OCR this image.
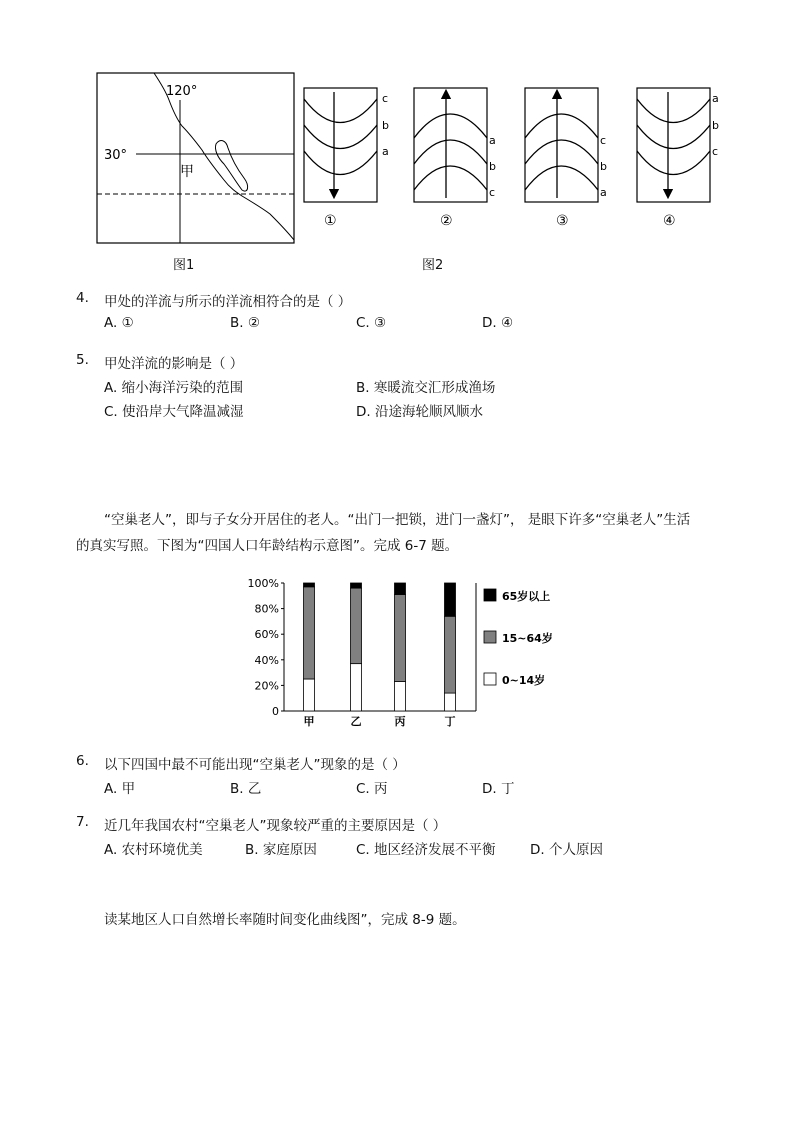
120°
30°
甲
图1
c
b
a
①
a
b
c
②
c
b
a
③
a
b
c
④
图2
4. 甲处的洋流与所示的洋流相符合的是（ ）
A. ①	B. ②	C. ③	D. ④
5. 甲处洋流的影响是（ ）
A. 缩小海洋污染的范围	B. 寒暖流交汇形成渔场
C. 使沿岸大气降温减湿	D. 沿途海轮顺风顺水
“空巢老人”，即与子女分开居住的老人。“出门一把锁，进门一盏灯”， 是眼下许多“空巢老人”生活
的真实写照。下图为“四国人口年龄结构示意图”。完成 6-7 题。
0
20%
40%
60%
80%
100%
甲	乙	丙	丁
65岁以上
15~64岁
0~14岁
6. 以下四国中最不可能出现“空巢老人”现象的是（ ）
A. 甲	B. 乙	C. 丙	D. 丁
7. 近几年我国农村“空巢老人”现象较严重的主要原因是（ ）
A. 农村环境优美	B. 家庭原因	C. 地区经济发展不平衡	D. 个人原因
读某地区人口自然增长率随时间变化曲线图”，完成 8-9 题。
